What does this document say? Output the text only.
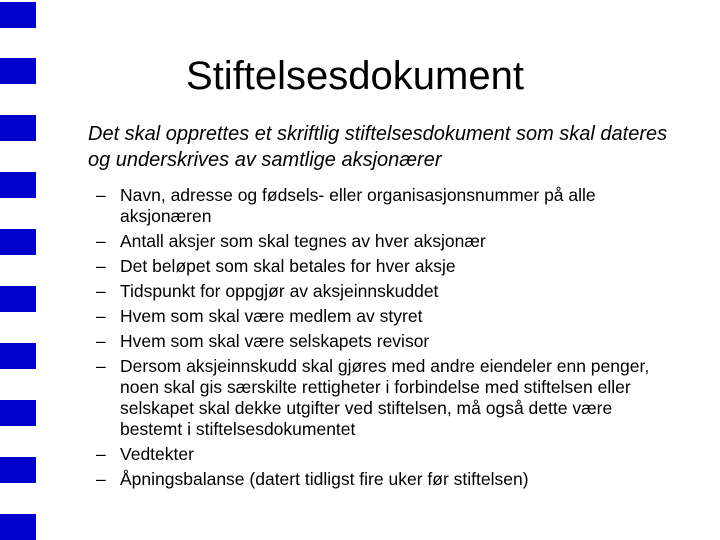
Stiftelsesdokument

Det skal opprettes et skriftlig stiftelsesdokument som skal dateres og underskrives av samtlige aksjonærer

– Navn, adresse og fødsels- eller organisasjonsnummer på alle aksjonæren
– Antall aksjer som skal tegnes av hver aksjonær
– Det beløpet som skal betales for hver aksje
– Tidspunkt for oppgjør av aksjeinnskuddet
– Hvem som skal være medlem av styret
– Hvem som skal være selskapets revisor
– Dersom aksjeinnskudd skal gjøres med andre eiendeler enn penger, noen skal gis særskilte rettigheter i forbindelse med stiftelsen eller selskapet skal dekke utgifter ved stiftelsen, må også dette være bestemt i stiftelsesdokumentet
– Vedtekter
– Åpningsbalanse (datert tidligst fire uker før stiftelsen)
